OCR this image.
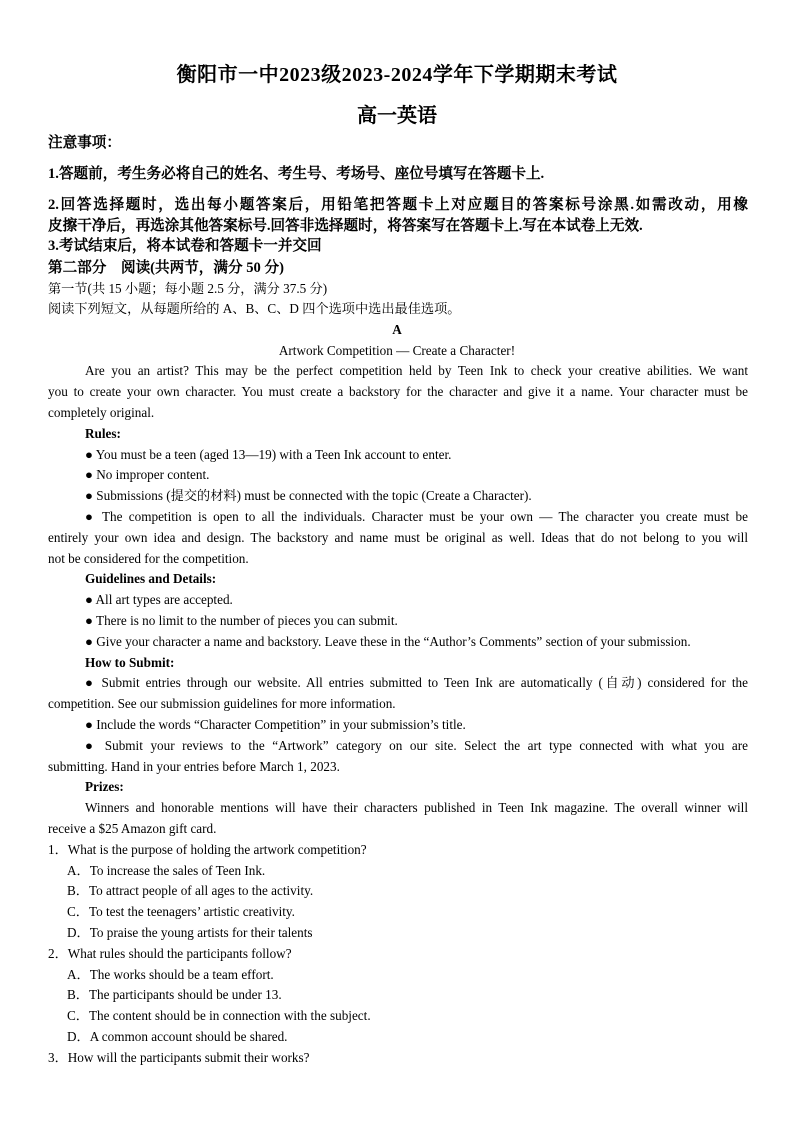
衡阳市一中2023级2023-2024学年下学期期末考试
高一英语
注意事项：
1.答题前，考生务必将自己的姓名、考生号、考场号、座位号填写在答题卡上.
2.回答选择题时，选出每小题答案后，用铅笔把答题卡上对应题目的答案标号涂黑.如需改动，用橡
皮擦干净后，再选涂其他答案标号.回答非选择题时，将答案写在答题卡上.写在本试卷上无效.
3.考试结束后，将本试卷和答题卡一并交回
第二部分　阅读(共两节，满分 50 分)
第一节(共 15 小题；每小题 2.5 分，满分 37.5 分)
阅读下列短文，从每题所给的 A、B、C、D 四个选项中选出最佳选项。
A
Artwork Competition — Create a Character!
Are you an artist? This may be the perfect competition held by Teen Ink to check your creative abilities. We want
you to create your own character. You must create a backstory for the character and give it a name. Your character must be
completely original.
Rules:
● You must be a teen (aged 13—19) with a Teen Ink account to enter.
● No improper content.
● Submissions (提交的材料) must be connected with the topic (Create a Character).
● The competition is open to all the individuals. Character must be your own — The character you create must be
entirely your own idea and design. The backstory and name must be original as well. Ideas that do not belong to you will
not be considered for the competition.
Guidelines and Details:
● All art types are accepted.
● There is no limit to the number of pieces you can submit.
● Give your character a name and backstory. Leave these in the “Author’s Comments” section of your submission.
How to Submit:
● Submit entries through our website. All entries submitted to Teen Ink are automatically (自动) considered for the
competition. See our submission guidelines for more information.
● Include the words “Character Competition” in your submission’s title.
● Submit your reviews to the “Artwork” category on our site. Select the art type connected with what you are
submitting. Hand in your entries before March 1, 2023.
Prizes:
Winners and honorable mentions will have their characters published in Teen Ink magazine. The overall winner will
receive a $25 Amazon gift card.
1．What is the purpose of holding the artwork competition?
A．To increase the sales of Teen Ink.
B．To attract people of all ages to the activity.
C．To test the teenagers’ artistic creativity.
D．To praise the young artists for their talents
2．What rules should the participants follow?
A．The works should be a team effort.
B．The participants should be under 13.
C．The content should be in connection with the subject.
D．A common account should be shared.
3．How will the participants submit their works?
